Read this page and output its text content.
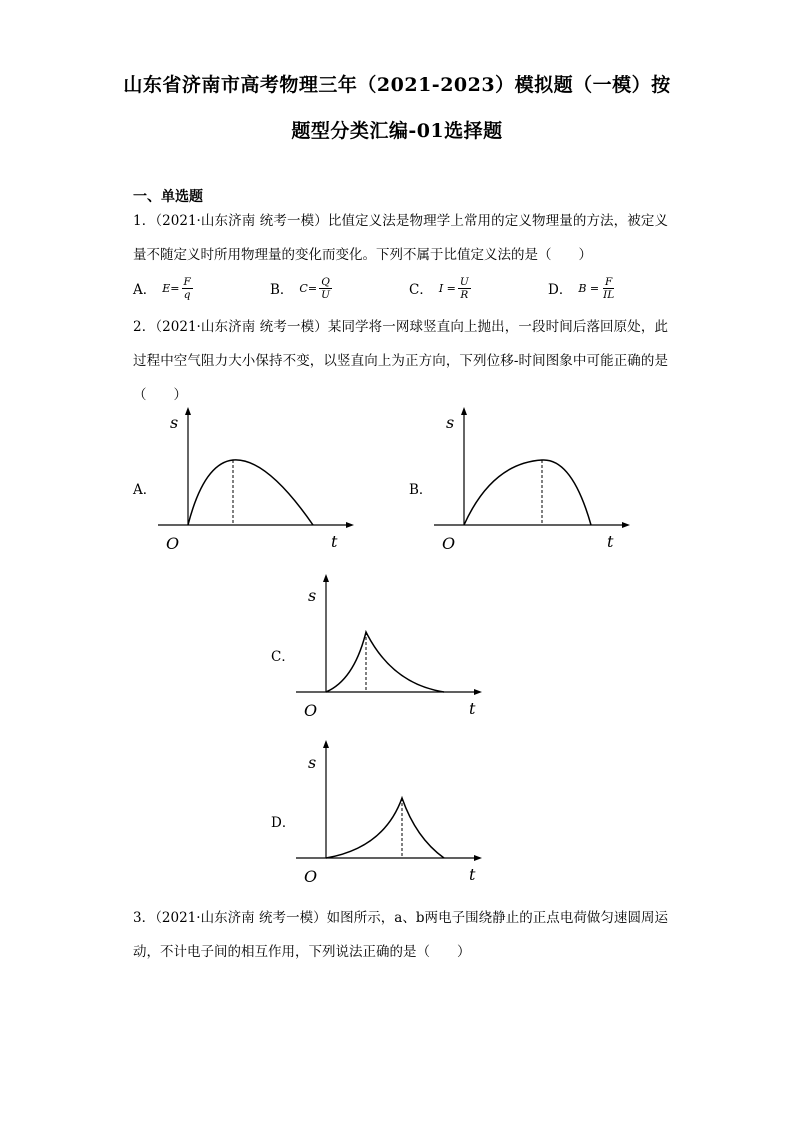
山东省济南市高考物理三年（2021-2023）模拟题（一模）按
题型分类汇编-01选择题
一、单选题
1．（2021·山东济南 统考一模）比值定义法是物理学上常用的定义物理量的方法，被定义量不随定义时所用物理量的变化而变化。下列不属于比值定义法的是（　　）
A． $E= \frac{F}{q}$	B． $C= \frac{Q}{U}$	C． $I = \frac{U}{R}$	D． $B = \frac{F}{IL}$
2．（2021·山东济南 统考一模）某同学将一网球竖直向上抛出，一段时间后落回原处，此过程中空气阻力大小保持不变，以竖直向上为正方向，下列位移-时间图象中可能正确的是（　　）
A．
s
t
O
B．
s
t
O
C．
s
t
O
D．
s
t
O
3．（2021·山东济南 统考一模）如图所示，a、b两电子围绕静止的正点电荷做匀速圆周运动，不计电子间的相互作用，下列说法正确的是（　　）
